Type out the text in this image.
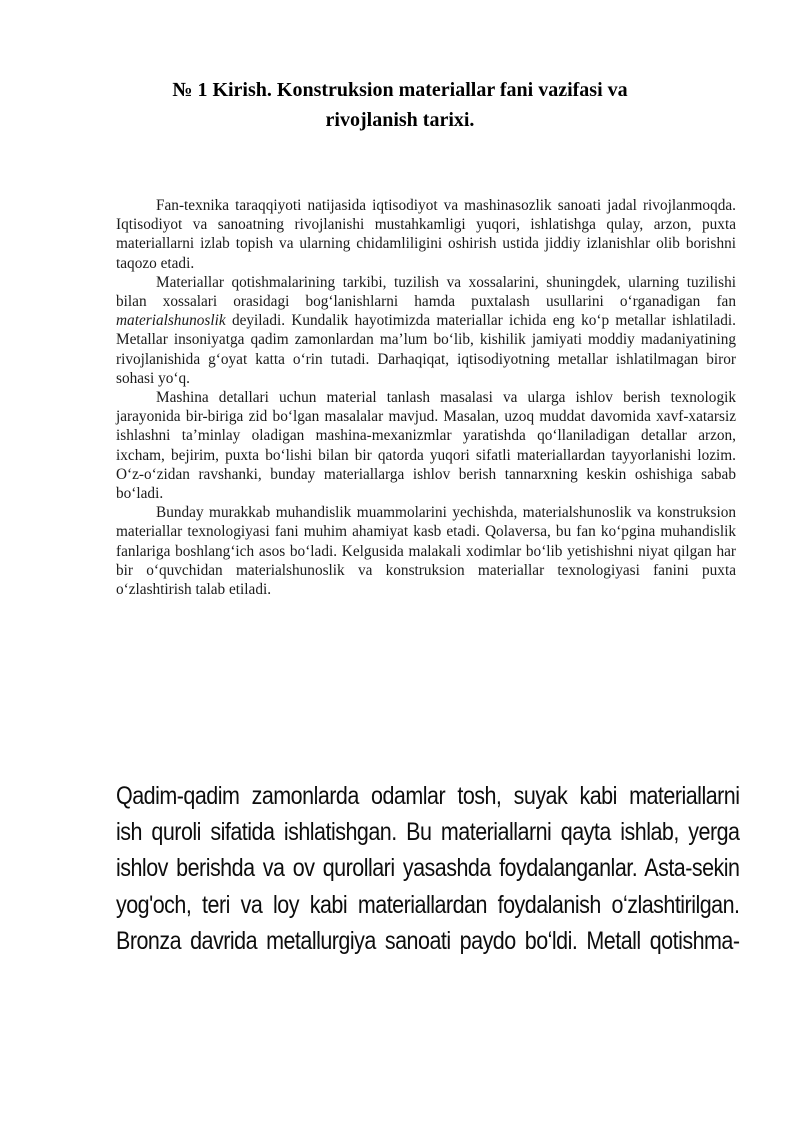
№ 1 Kirish. Konstruksion materiallar fani vazifasi va
rivojlanish tarixi.

Fan-texnika taraqqiyoti natijasida iqtisodiyot va mashinasozlik sanoati jadal rivojlanmoqda. Iqtisodiyot va sanoatning rivojlanishi mustahkamligi yuqori, ishlatishga qulay, arzon, puxta materiallarni izlab topish va ularning chidamliligini oshirish ustida jiddiy izlanishlar olib borishni taqozo etadi.

Materiallar qotishmalarining tarkibi, tuzilish va xossalarini, shuningdek, ularning tuzilishi bilan xossalari orasidagi bog‘lanishlarni hamda puxtalash usullarini o‘rganadigan fan materialshunoslik deyiladi. Kundalik hayotimizda materiallar ichida eng ko‘p metallar ishlatiladi. Metallar insoniyatga qadim zamonlardan ma’lum bo‘lib, kishilik jamiyati moddiy madaniyatining rivojlanishida g‘oyat katta o‘rin tutadi. Darhaqiqat, iqtisodiyotning metallar ishlatilmagan biror sohasi yo‘q.

Mashina detallari uchun material tanlash masalasi va ularga ishlov berish texnologik jarayonida bir-biriga zid bo‘lgan masalalar mavjud. Masalan, uzoq muddat davomida xavf-xatarsiz ishlashni ta’minlay oladigan mashina-mexanizmlar yaratishda qo‘llaniladigan detallar arzon, ixcham, bejirim, puxta bo‘lishi bilan bir qatorda yuqori sifatli materiallardan tayyorlanishi lozim. O‘z-o‘zidan ravshanki, bunday materiallarga ishlov berish tannarxning keskin oshishiga sabab bo‘ladi.

Bunday murakkab muhandislik muammolarini yechishda, materialshunoslik va konstruksion materiallar texnologiyasi fani muhim ahamiyat kasb etadi. Qolaversa, bu fan ko‘pgina muhandislik fanlariga boshlang‘ich asos bo‘ladi. Kelgusida malakali xodimlar bo‘lib yetishishni niyat qilgan har bir o‘quvchidan materialshunoslik va konstruksion materiallar texnologiyasi fanini puxta o‘zlashtirish talab etiladi.

Qadim-qadim zamonlarda odamlar tosh, suyak kabi materiallarni

ish quroli sifatida ishlatishgan. Bu materiallarni qayta ishlab, yerga

ishlov berishda va ov qurollari yasashda foydalanganlar. Asta-sekin

yog'och, teri va loy kabi materiallardan foydalanish o‘zlashtirilgan.

Bronza davrida metallurgiya sanoati paydo bo‘ldi. Metall qotishma-
